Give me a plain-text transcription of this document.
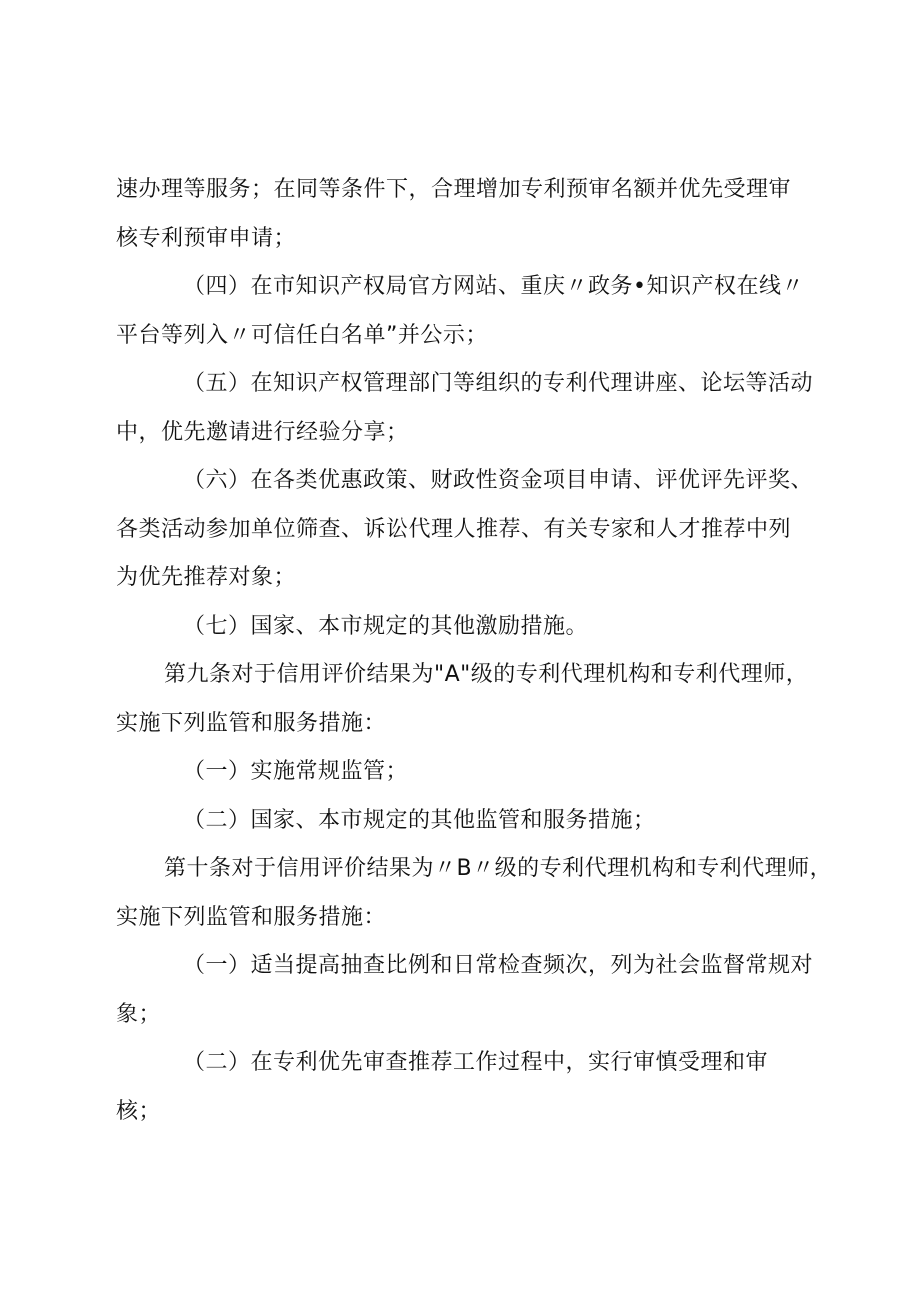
速办理等服务；在同等条件下，合理增加专利预审名额并优先受理审
核专利预审申请；
（四）在市知识产权局官方网站、重庆〃政务•知识产权在线〃
平台等列入〃可信任白名单”并公示；
（五）在知识产权管理部门等组织的专利代理讲座、论坛等活动
中，优先邀请进行经验分享；
（六）在各类优惠政策、财政性资金项目申请、评优评先评奖、
各类活动参加单位筛查、诉讼代理人推荐、有关专家和人才推荐中列
为优先推荐对象；
（七）国家、本市规定的其他激励措施。
第九条对于信用评价结果为"A"级的专利代理机构和专利代理师，
实施下列监管和服务措施：
（一）实施常规监管；
（二）国家、本市规定的其他监管和服务措施；
第十条对于信用评价结果为〃B〃级的专利代理机构和专利代理师，
实施下列监管和服务措施：
（一）适当提高抽查比例和日常检查频次，列为社会监督常规对
象；
（二）在专利优先审查推荐工作过程中，实行审慎受理和审
核；
